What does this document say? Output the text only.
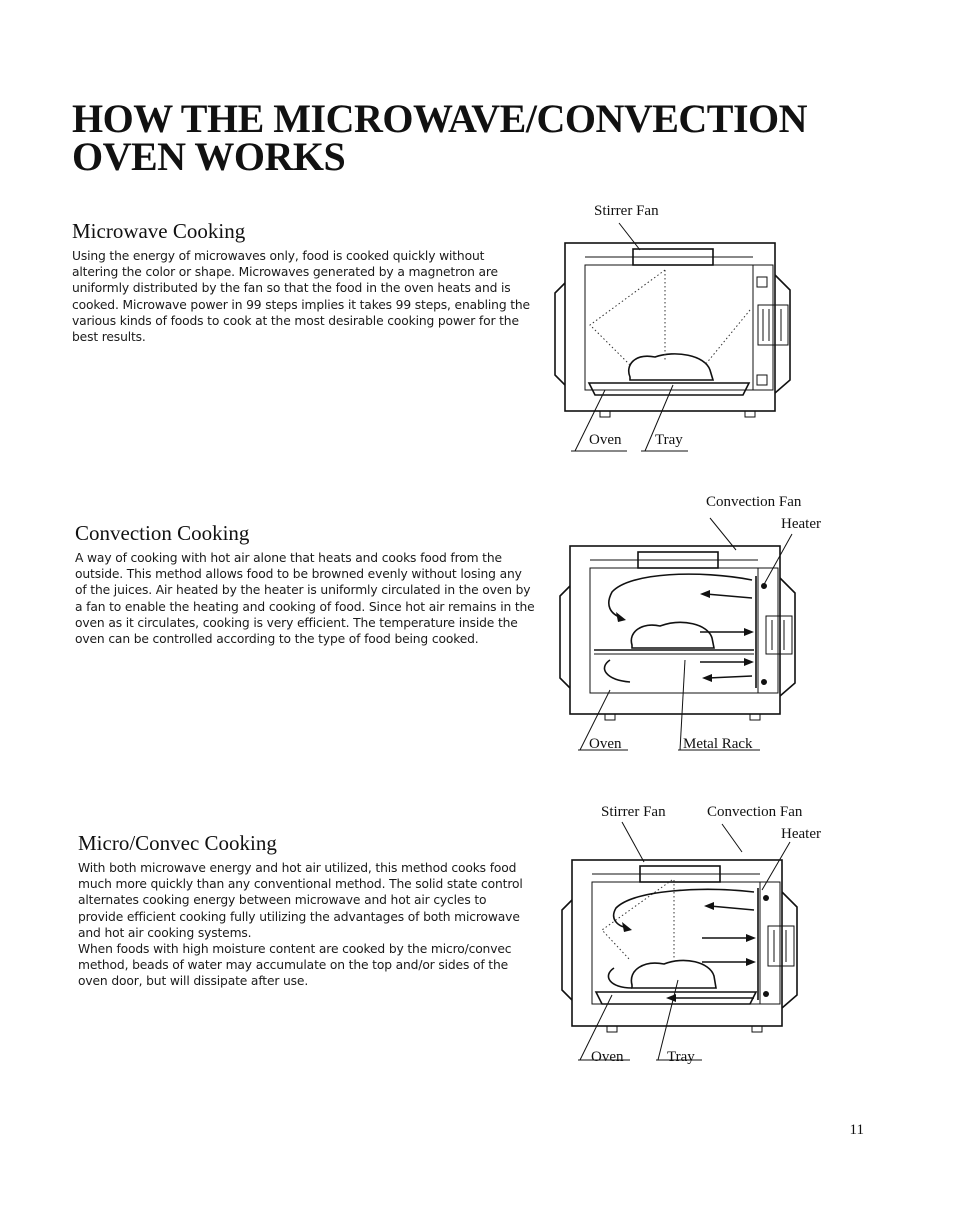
HOW THE MICROWAVE/CONVECTION OVEN WORKS
Microwave Cooking

Using the energy of microwaves only, food is cooked quickly without altering the color or shape. Microwaves generated by a magnetron are uniformly distributed by the fan so that the food in the oven heats and is cooked. Microwave power in 99 steps implies it takes 99 steps, enabling the various kinds of foods to cook at the most desirable cooking power for the best results.

Stirrer Fan
Oven Tray
Convection Cooking

A way of cooking with hot air alone that heats and cooks food from the outside. This method allows food to be browned evenly without losing any of the juices. Air heated by the heater is uniformly circulated in the oven by a fan to enable the heating and cooking of food. Since hot air remains in the oven as it circulates, cooking is very efficient. The temperature inside the oven can be controlled according to the type of food being cooked.

Convection Fan
Heater
Oven	Metal Rack
Micro/Convec Cooking

With both microwave energy and hot air utilized, this method cooks food much more quickly than any conventional method. The solid state control alternates cooking energy between microwave and hot air cycles to provide efficient cooking fully utilizing the advantages of both microwave and hot air cooking systems.

When foods with high moisture content are cooked by the micro/convec method, beads of water may accumulate on the top and/or sides of the oven door, but will dissipate after use.

Stirrer Fan	Convection Fan
Heater
Oven	Tray
11
